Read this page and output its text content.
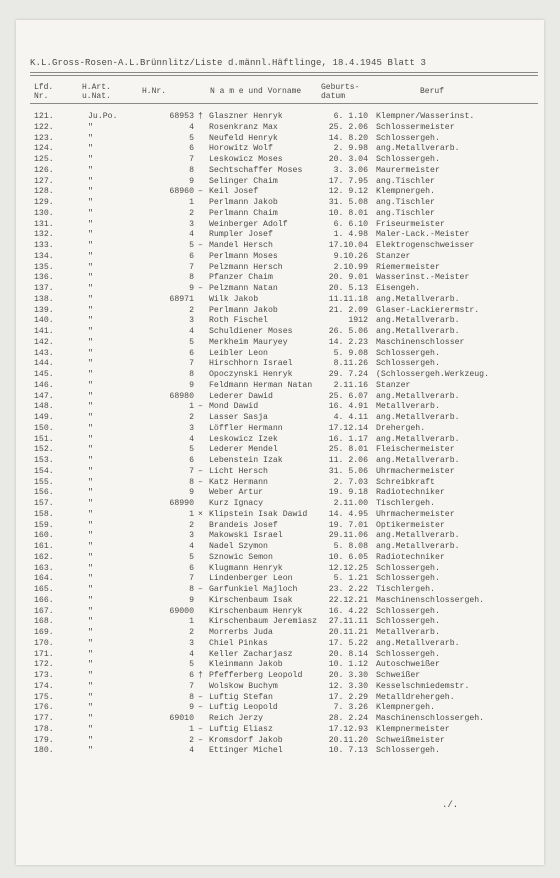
K.L.Gross-Rosen-A.L.Brünnlitz/Liste d.männl.Häftlinge, 18.4.1945 Blatt 3
Lfd.
Nr.
H.Art.
u.Nat.
H.Nr.	N a m e und Vorname Geburts-
datum
Beruf
121.	Ju.Po.	68953 † Glaszner Henryk	6. 1.10 Klempner/Wasserinst.
122.	"	4 Rosenkranz Max	25. 2.06 Schlossermeister
123.	"	5 Neufeld Henryk	14. 8.20 Schlossergeh.
124.	"	6 Horowitz Wolf	2. 9.98 ang.Metallverarb.
125.	"	7 Leskowicz Moses	20. 3.04 Schlossergeh.
126.	"	8 Sechtschaffer Moses	3. 3.06 Maurermeister
127.	"	9 Selinger Chaim	17. 7.95 ang.Tischler
128.	"	68960 – Keil Josef	12. 9.12 Klempnergeh.
129.	"	1 Perlmann Jakob	31. 5.08 ang.Tischler
130.	"	2 Perlmann Chaim	10. 8.01 ang.Tischler
131.	"	3 Weinberger Adolf	6. 6.10 Friseurmeister
132.	"	4 Rumpler Josef	1. 4.98 Maler-Lack.-Meister
133.	"	5 – Mandel Hersch	17.10.04 Elektrogenschweisser
134.	"	6 Perlmann Moses	9.10.26 Stanzer
135.	"	7 Pelzmann Hersch	2.10.99 Riemermeister
136.	"	8 Pfanzer Chaim	20. 9.01 Wasserinst.-Meister
137.	"	9 – Pelzmann Natan	20. 5.13 Eisengeh.
138.	"	68971 Wilk Jakob	11.11.18 ang.Metallverarb.
139.	"	2 Perlmann Jakob	21. 2.09 Glaser-Lackierermstr.
140.	"	3 Roth Fischel	1912 ang.Metallverarb.
141.	"	4 Schuldiener Moses	26. 5.06 ang.Metallverarb.
142.	"	5 Merkheim Mauryey	14. 2.23 Maschinenschlosser
143.	"	6 Leibler Leon	5. 9.08 Schlossergeh.
144.	"	7 Hirschhorn Israel	8.11.26 Schlossergeh.
145.	"	8 Opoczynski Henryk	29. 7.24 (Schlossergeh.Werkzeug.
146.	"	9 Feldmann Herman Natan	2.11.16 Stanzer
147.	"	68980 Lederer Dawid	25. 6.07 ang.Metallverarb.
148.	"	1 – Mond Dawid	16. 4.91 Metallverarb.
149.	"	2 Lasser Sasja	4. 4.11 ang.Metallverarb.
150.	"	3 Löffler Hermann	17.12.14 Drehergeh.
151.	"	4 Leskowicz Izek	16. 1.17 ang.Metallverarb.
152.	"	5 Lederer Mendel	25. 8.01 Fleischermeister
153.	"	6 Lebenstein Izak	11. 2.06 ang.Metallverarb.
154.	"	7 – Licht Hersch	31. 5.06 Uhrmachermeister
155.	"	8 – Katz Hermann	2. 7.03 Schreibkraft
156.	"	9 Weber Artur	19. 9.18 Radiotechniker
157.	"	68990 Kurz Ignacy	2.11.00 Tischlergeh.
158.	"	1 × Klipstein Isak Dawid	14. 4.95 Uhrmachermeister
159.	"	2 Brandeis Josef	19. 7.01 Optikermeister
160.	"	3 Makowski Israel	29.11.06 ang.Metallverarb.
161.	"	4 Nadel Szymon	5. 8.08 ang.Metallverarb.
162.	"	5 Sznowic Semon	10. 6.05 Radiotechniker
163.	"	6 Klugmann Henryk	12.12.25 Schlossergeh.
164.	"	7 Lindenberger Leon	5. 1.21 Schlossergeh.
165.	"	8 – Garfunkiel Majloch	23. 2.22 Tischlergeh.
166.	"	9 Kirschenbaum Isak	22.12.21 Maschinenschlossergeh.
167.	"	69000 Kirschenbaum Henryk	16. 4.22 Schlossergeh.
168.	"	1 Kirschenbaum Jeremiasz	27.11.11 Schlossergeh.
169.	"	2 Morrerbs Juda	20.11.21 Metallverarb.
170.	"	3 Chiel Pinkas	17. 5.22 ang.Metallverarb.
171.	"	4 Keller Zacharjasz	20. 8.14 Schlossergeh.
172.	"	5 Kleinmann Jakob	10. 1.12 Autoschweißer
173.	"	6 † Pfefferberg Leopold	20. 3.30 Schweißer
174.	"	7 Wolskow Buchym	12. 3.30 Kesselschmiedemstr.
175.	"	8 – Luftig Stefan	17. 2.29 Metalldrehergeh.
176.	"	9 – Luftig Leopold	7. 3.26 Klempnergeh.
177.	"	69010 Reich Jerzy	28. 2.24 Maschinenschlossergeh.
178.	"	1 – Luftig Eliasz	17.12.93 Klempnermeister
179.	"	2 – Kromsdorf Jakob	20.11.20 Schweißmeister
180.	"	4 Ettinger Michel	10. 7.13 Schlossergeh.
./.
